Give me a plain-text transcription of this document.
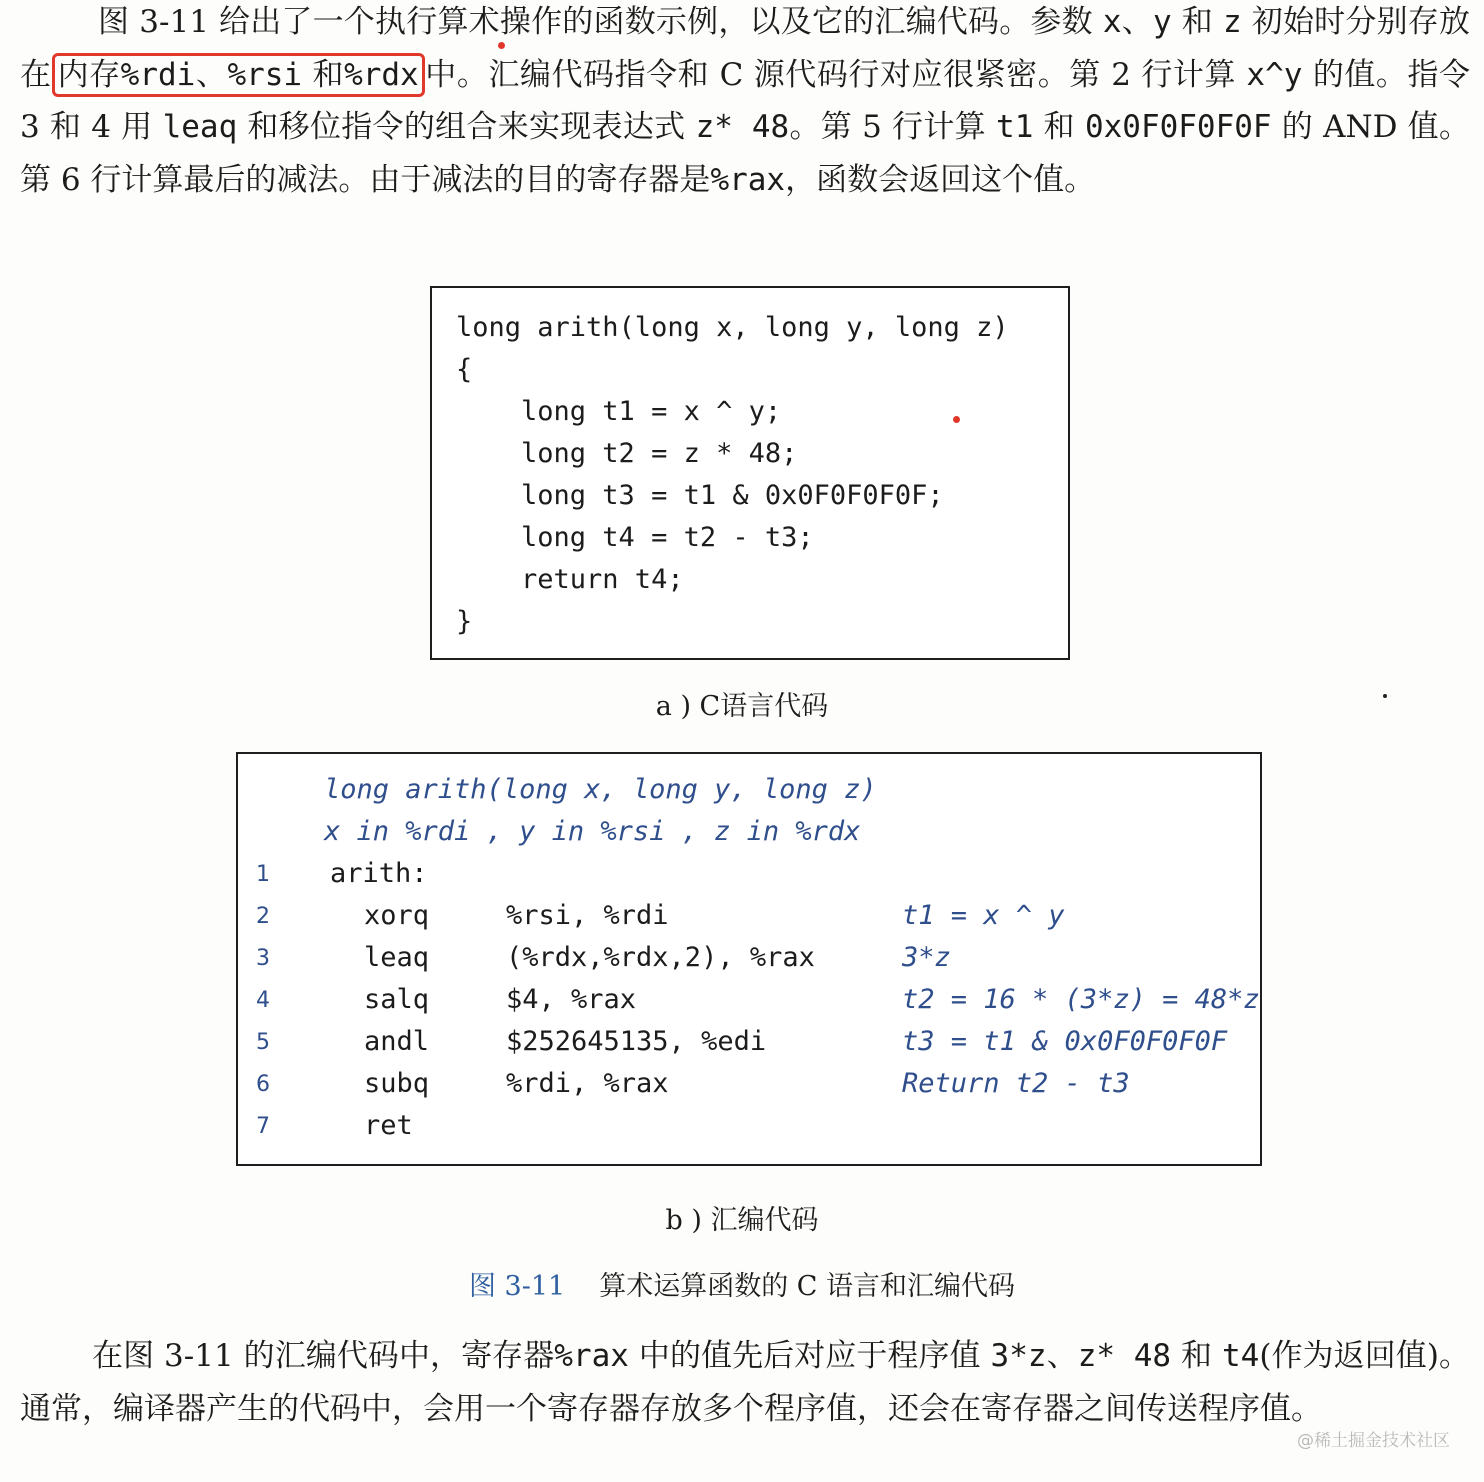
图 3-11 给出了一个执行算术操作的函数示例，以及它的汇编代码。参数 x、y 和 z 初始时分别存放在 内存%rdi、%rsi 和%rdx 中。汇编代码指令和 C 源代码行对应很紧密。第 2 行计算 x^y 的值。指令 3 和 4 用 leaq 和移位指令的组合来实现表达式 z* 48。第 5 行计算 t1 和 0x0F0F0F0F 的 AND 值。第 6 行计算最后的减法。由于减法的目的寄存器是%rax，函数会返回这个值。
long arith(long x, long y, long z)
{
long t1 = x ^ y;
long t2 = z * 48;
long t3 = t1 & 0x0F0F0F0F;
long t4 = t2 - t3;
return t4;
}
a ) C语言代码
long arith(long x, long y, long z)
x in %rdi , y in %rsi , z in %rdx
1 arith:
2	xorq	%rsi, %rdi	t1 = x ^ y
3	leaq	(%rdx,%rdx,2), %rax	3*z
4	salq	$4, %rax	t2 = 16 * (3*z) = 48*z
5	andl	$252645135, %edi	t3 = t1 & 0x0F0F0F0F
6	subq	%rdi, %rax	Return t2 - t3
7	ret
b ) 汇编代码
图 3-11 算术运算函数的 C 语言和汇编代码
在图 3-11 的汇编代码中，寄存器%rax 中的值先后对应于程序值 3*z、z* 48 和 t4(作为返回值)。通常，编译器产生的代码中，会用一个寄存器存放多个程序值，还会在寄存器之间传送程序值。
@稀土掘金技术社区
